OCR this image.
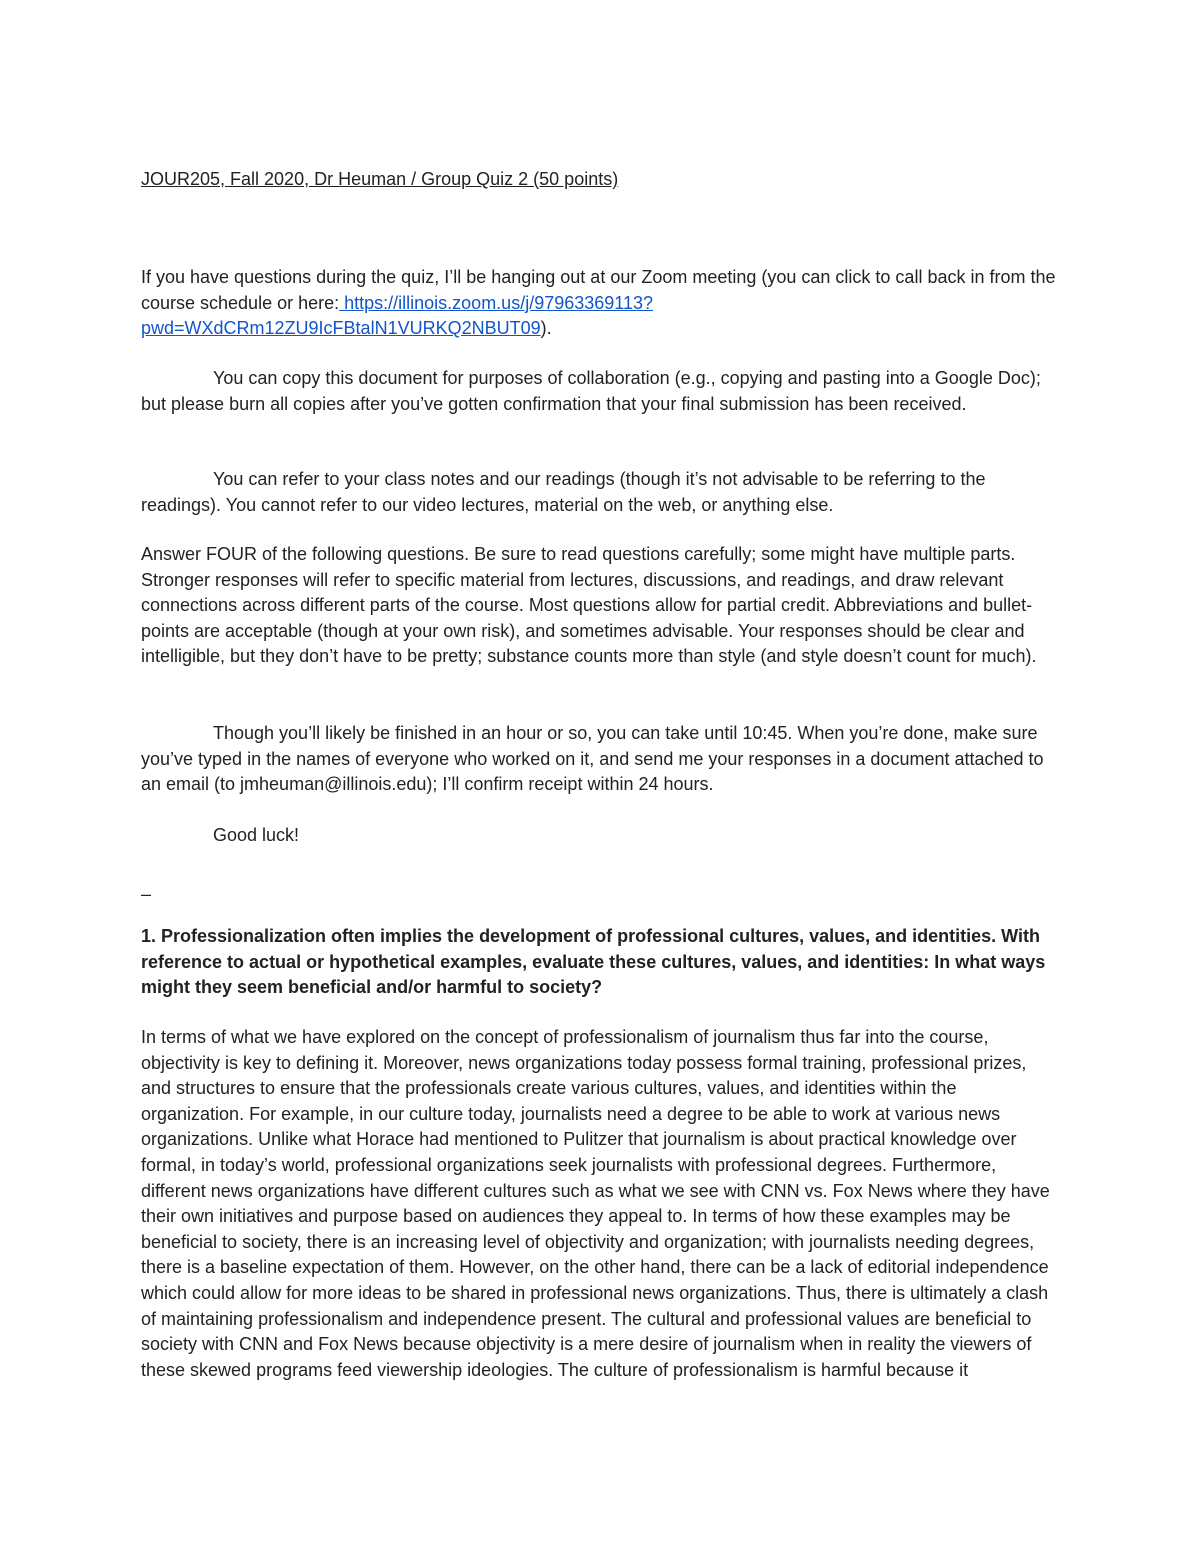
JOUR205, Fall 2020, Dr Heuman / Group Quiz 2 (50 points)

If you have questions during the quiz, I’ll be hanging out at our Zoom meeting (you can click to call back in from the course schedule or here: https://illinois.zoom.us/j/97963369113?pwd=WXdCRm12ZU9IcFBtalN1VURKQ2NBUT09).

You can copy this document for purposes of collaboration (e.g., copying and pasting into a Google Doc); but please burn all copies after you’ve gotten confirmation that your final submission has been received.

You can refer to your class notes and our readings (though it’s not advisable to be referring to the readings). You cannot refer to our video lectures, material on the web, or anything else.

Answer FOUR of the following questions. Be sure to read questions carefully; some might have multiple parts. Stronger responses will refer to specific material from lectures, discussions, and readings, and draw relevant connections across different parts of the course. Most questions allow for partial credit. Abbreviations and bullet-points are acceptable (though at your own risk), and sometimes advisable. Your responses should be clear and intelligible, but they don’t have to be pretty; substance counts more than style (and style doesn’t count for much).

Though you’ll likely be finished in an hour or so, you can take until 10:45. When you’re done, make sure you’ve typed in the names of everyone who worked on it, and send me your responses in a document attached to an email (to jmheuman@illinois.edu); I’ll confirm receipt within 24 hours.

Good luck!

–

1. Professionalization often implies the development of professional cultures, values, and identities. With reference to actual or hypothetical examples, evaluate these cultures, values, and identities: In what ways might they seem beneficial and/or harmful to society?

In terms of what we have explored on the concept of professionalism of journalism thus far into the course, objectivity is key to defining it. Moreover, news organizations today possess formal training, professional prizes, and structures to ensure that the professionals create various cultures, values, and identities within the organization. For example, in our culture today, journalists need a degree to be able to work at various news organizations. Unlike what Horace had mentioned to Pulitzer that journalism is about practical knowledge over formal, in today’s world, professional organizations seek journalists with professional degrees. Furthermore, different news organizations have different cultures such as what we see with CNN vs. Fox News where they have their own initiatives and purpose based on audiences they appeal to. In terms of how these examples may be beneficial to society, there is an increasing level of objectivity and organization; with journalists needing degrees, there is a baseline expectation of them. However, on the other hand, there can be a lack of editorial independence which could allow for more ideas to be shared in professional news organizations. Thus, there is ultimately a clash of maintaining professionalism and independence present. The cultural and professional values are beneficial to society with CNN and Fox News because objectivity is a mere desire of journalism when in reality the viewers of these skewed programs feed viewership ideologies. The culture of professionalism is harmful because it
